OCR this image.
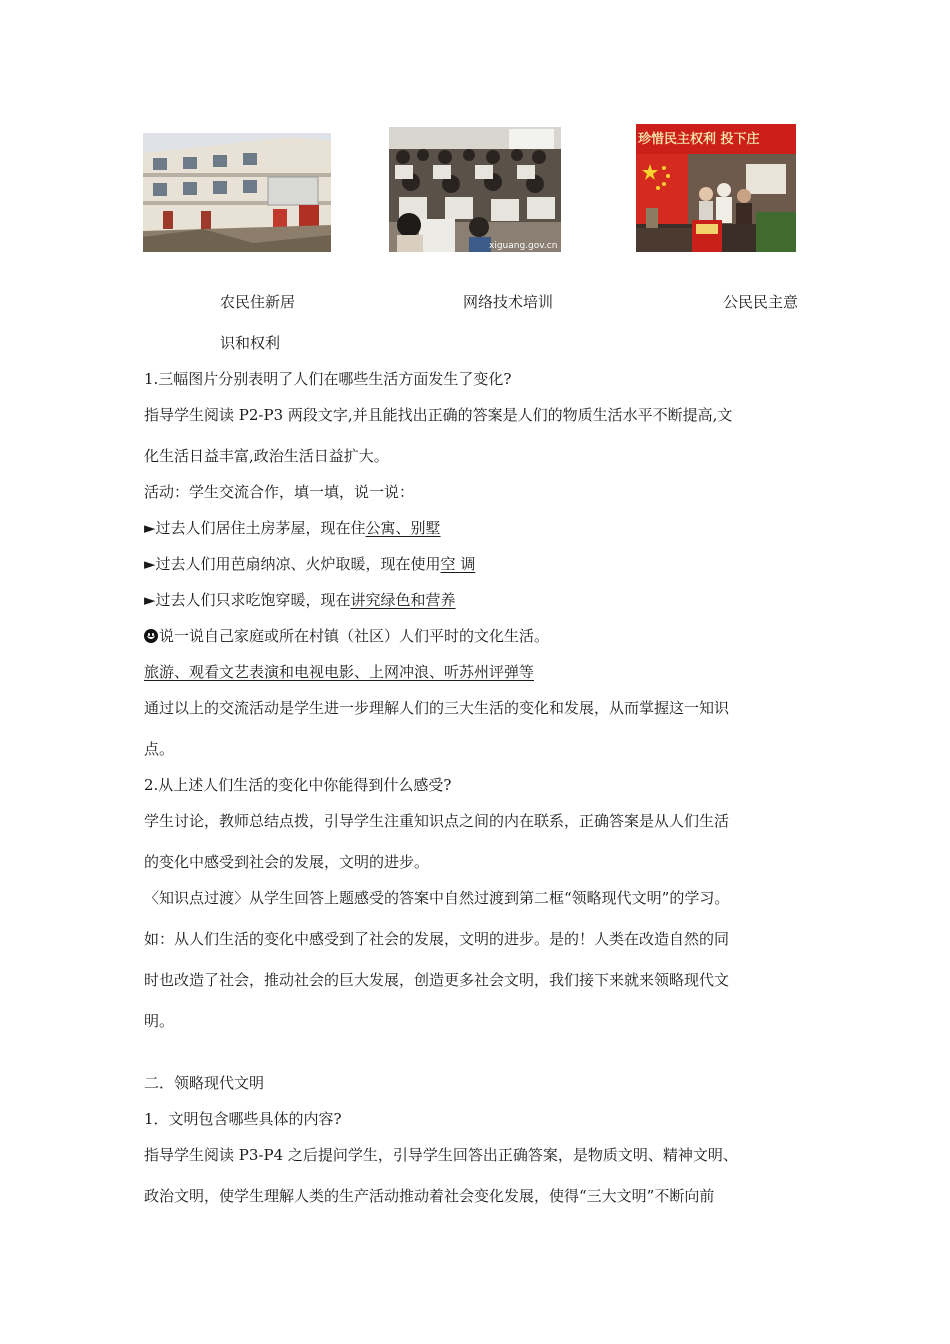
xiguang.gov.cn
珍惜民主权利 投下庄

农民住新居	网络技术培训	公民民主意

识和权利

1.三幅图片分别表明了人们在哪些生活方面发生了变化?

指导学生阅读 P2-P3 两段文字,并且能找出正确的答案是人们的物质生活水平不断提高,文

化生活日益丰富,政治生活日益扩大。

活动：学生交流合作，填一填，说一说：

►过去人们居住土房茅屋，现在住公寓、别墅

►过去人们用芭扇纳凉、火炉取暖，现在使用空 调

►过去人们只求吃饱穿暖，现在讲究绿色和营养

说一说自己家庭或所在村镇（社区）人们平时的文化生活。

旅游、观看文艺表演和电视电影、上网冲浪、听苏州评弹等

通过以上的交流活动是学生进一步理解人们的三大生活的变化和发展，从而掌握这一知识

点。

2.从上述人们生活的变化中你能得到什么感受?

学生讨论，教师总结点拨，引导学生注重知识点之间的内在联系，正确答案是从人们生活

的变化中感受到社会的发展，文明的进步。

〈知识点过渡〉从学生回答上题感受的答案中自然过渡到第二框“领略现代文明”的学习。

如：从人们生活的变化中感受到了社会的发展，文明的进步。是的！人类在改造自然的同

时也改造了社会，推动社会的巨大发展，创造更多社会文明，我们接下来就来领略现代文

明。

二．领略现代文明

1．文明包含哪些具体的内容?

指导学生阅读 P3-P4 之后提问学生，引导学生回答出正确答案，是物质文明、精神文明、

政治文明，使学生理解人类的生产活动推动着社会变化发展，使得“三大文明”不断向前
